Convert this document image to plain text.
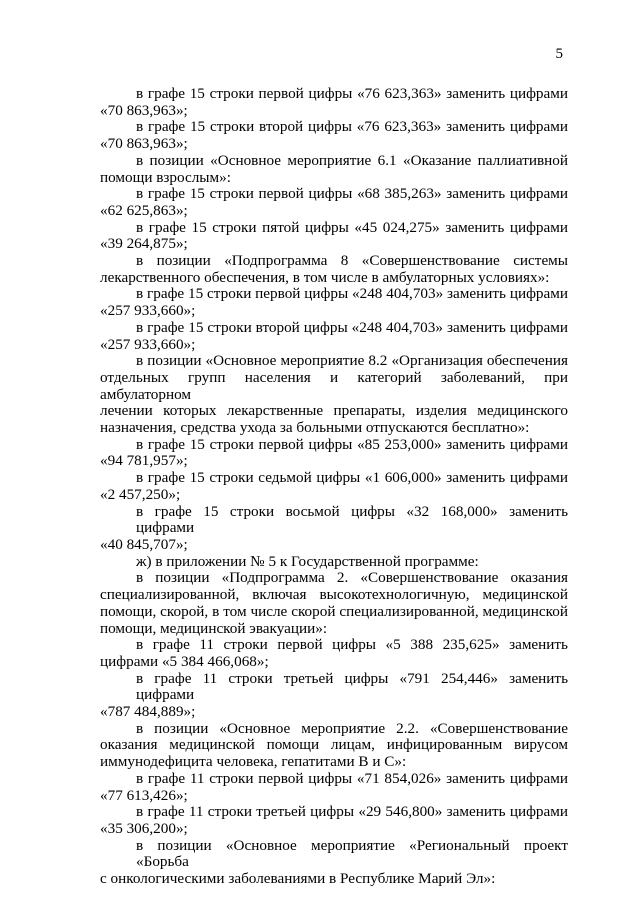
5
в графе 15 строки первой цифры «76 623,363» заменить цифрами
«70 863,963»;
в графе 15 строки второй цифры «76 623,363» заменить цифрами
«70 863,963»;
в позиции «Основное мероприятие 6.1 «Оказание паллиативной
помощи взрослым»:
в графе 15 строки первой цифры «68 385,263» заменить цифрами
«62 625,863»;
в графе 15 строки пятой цифры «45 024,275» заменить цифрами
«39 264,875»;
в позиции «Подпрограмма 8 «Совершенствование системы
лекарственного обеспечения, в том числе в амбулаторных условиях»:
в графе 15 строки первой цифры «248 404,703» заменить цифрами
«257 933,660»;
в графе 15 строки второй цифры «248 404,703» заменить цифрами
«257 933,660»;
в позиции «Основное мероприятие 8.2 «Организация обеспечения
отдельных групп населения и категорий заболеваний, при амбулаторном
лечении которых лекарственные препараты, изделия медицинского
назначения, средства ухода за больными отпускаются бесплатно»:
в графе 15 строки первой цифры «85 253,000» заменить цифрами
«94 781,957»;
в графе 15 строки седьмой цифры «1 606,000» заменить цифрами
«2 457,250»;
в графе 15 строки восьмой цифры «32 168,000» заменить цифрами
«40 845,707»;
ж) в приложении № 5 к Государственной программе:
в позиции «Подпрограмма 2. «Совершенствование оказания
специализированной, включая высокотехнологичную, медицинской
помощи, скорой, в том числе скорой специализированной, медицинской
помощи, медицинской эвакуации»:
в графе 11 строки первой цифры «5 388 235,625» заменить
цифрами «5 384 466,068»;
в графе 11 строки третьей цифры «791 254,446» заменить цифрами
«787 484,889»;
в позиции «Основное мероприятие 2.2. «Совершенствование
оказания медицинской помощи лицам, инфицированным вирусом
иммунодефицита человека, гепатитами В и С»:
в графе 11 строки первой цифры «71 854,026» заменить цифрами
«77 613,426»;
в графе 11 строки третьей цифры «29 546,800» заменить цифрами
«35 306,200»;
в позиции «Основное мероприятие «Региональный проект «Борьба
с онкологическими заболеваниями в Республике Марий Эл»:
